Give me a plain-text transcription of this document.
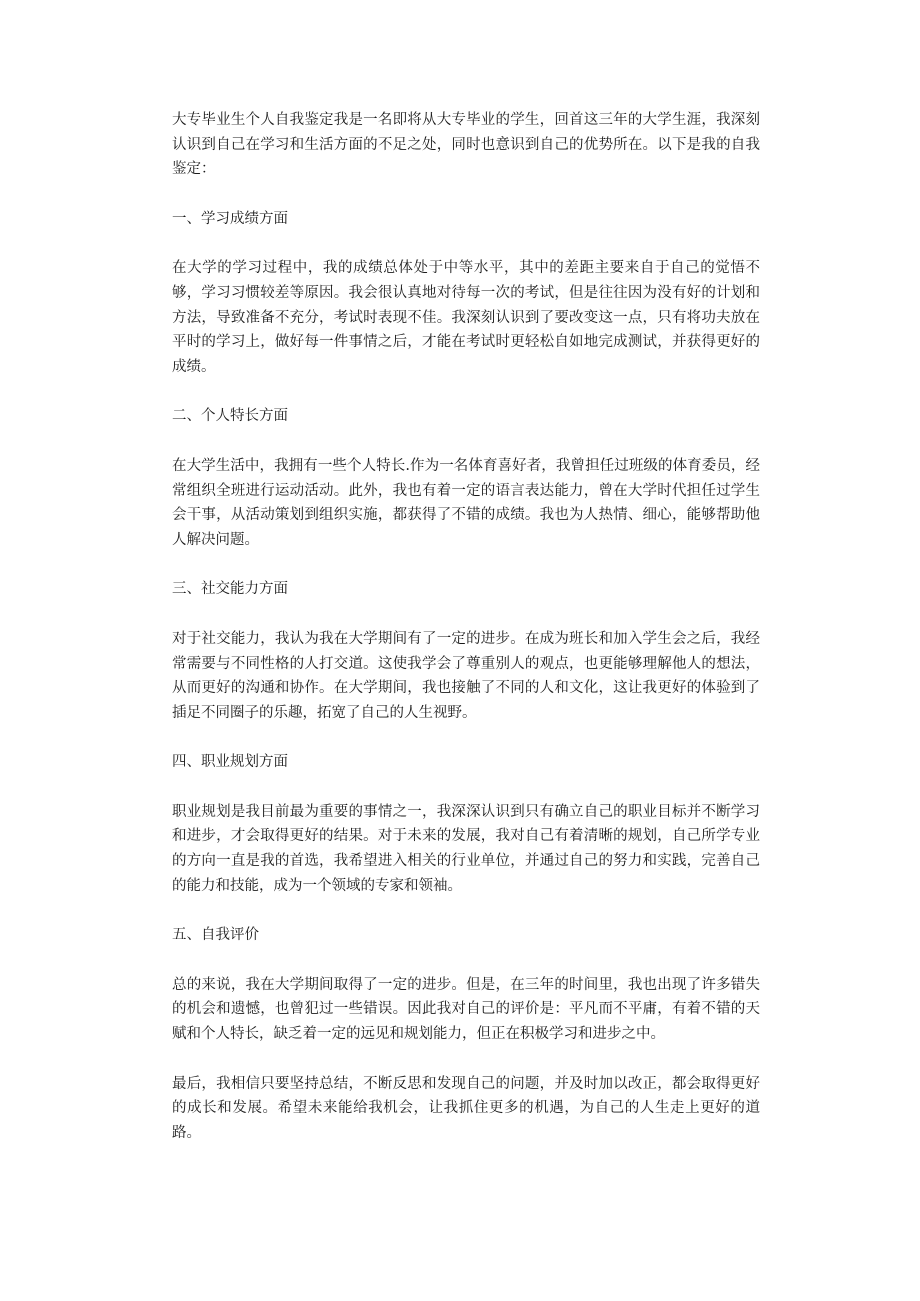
大专毕业生个人自我鉴定我是一名即将从大专毕业的学生，回首这三年的大学生涯，我深刻认识到自己在学习和生活方面的不足之处，同时也意识到自己的优势所在。以下是我的自我鉴定：

一、学习成绩方面

在大学的学习过程中，我的成绩总体处于中等水平，其中的差距主要来自于自己的觉悟不够，学习习惯较差等原因。我会很认真地对待每一次的考试，但是往往因为没有好的计划和方法，导致准备不充分，考试时表现不佳。我深刻认识到了要改变这一点，只有将功夫放在平时的学习上，做好每一件事情之后，才能在考试时更轻松自如地完成测试，并获得更好的成绩。

二、个人特长方面

在大学生活中，我拥有一些个人特长.作为一名体育喜好者，我曾担任过班级的体育委员，经常组织全班进行运动活动。此外，我也有着一定的语言表达能力，曾在大学时代担任过学生会干事，从活动策划到组织实施，都获得了不错的成绩。我也为人热情、细心，能够帮助他人解决问题。

三、社交能力方面

对于社交能力，我认为我在大学期间有了一定的进步。在成为班长和加入学生会之后，我经常需要与不同性格的人打交道。这使我学会了尊重别人的观点，也更能够理解他人的想法，从而更好的沟通和协作。在大学期间，我也接触了不同的人和文化，这让我更好的体验到了插足不同圈子的乐趣，拓宽了自己的人生视野。

四、职业规划方面

职业规划是我目前最为重要的事情之一，我深深认识到只有确立自己的职业目标并不断学习和进步，才会取得更好的结果。对于未来的发展，我对自己有着清晰的规划，自己所学专业的方向一直是我的首选，我希望进入相关的行业单位，并通过自己的努力和实践，完善自己的能力和技能，成为一个领域的专家和领袖。

五、自我评价

总的来说，我在大学期间取得了一定的进步。但是，在三年的时间里，我也出现了许多错失的机会和遗憾，也曾犯过一些错误。因此我对自己的评价是：平凡而不平庸，有着不错的天赋和个人特长，缺乏着一定的远见和规划能力，但正在积极学习和进步之中。

最后，我相信只要坚持总结，不断反思和发现自己的问题，并及时加以改正，都会取得更好的成长和发展。希望未来能给我机会，让我抓住更多的机遇，为自己的人生走上更好的道路。
